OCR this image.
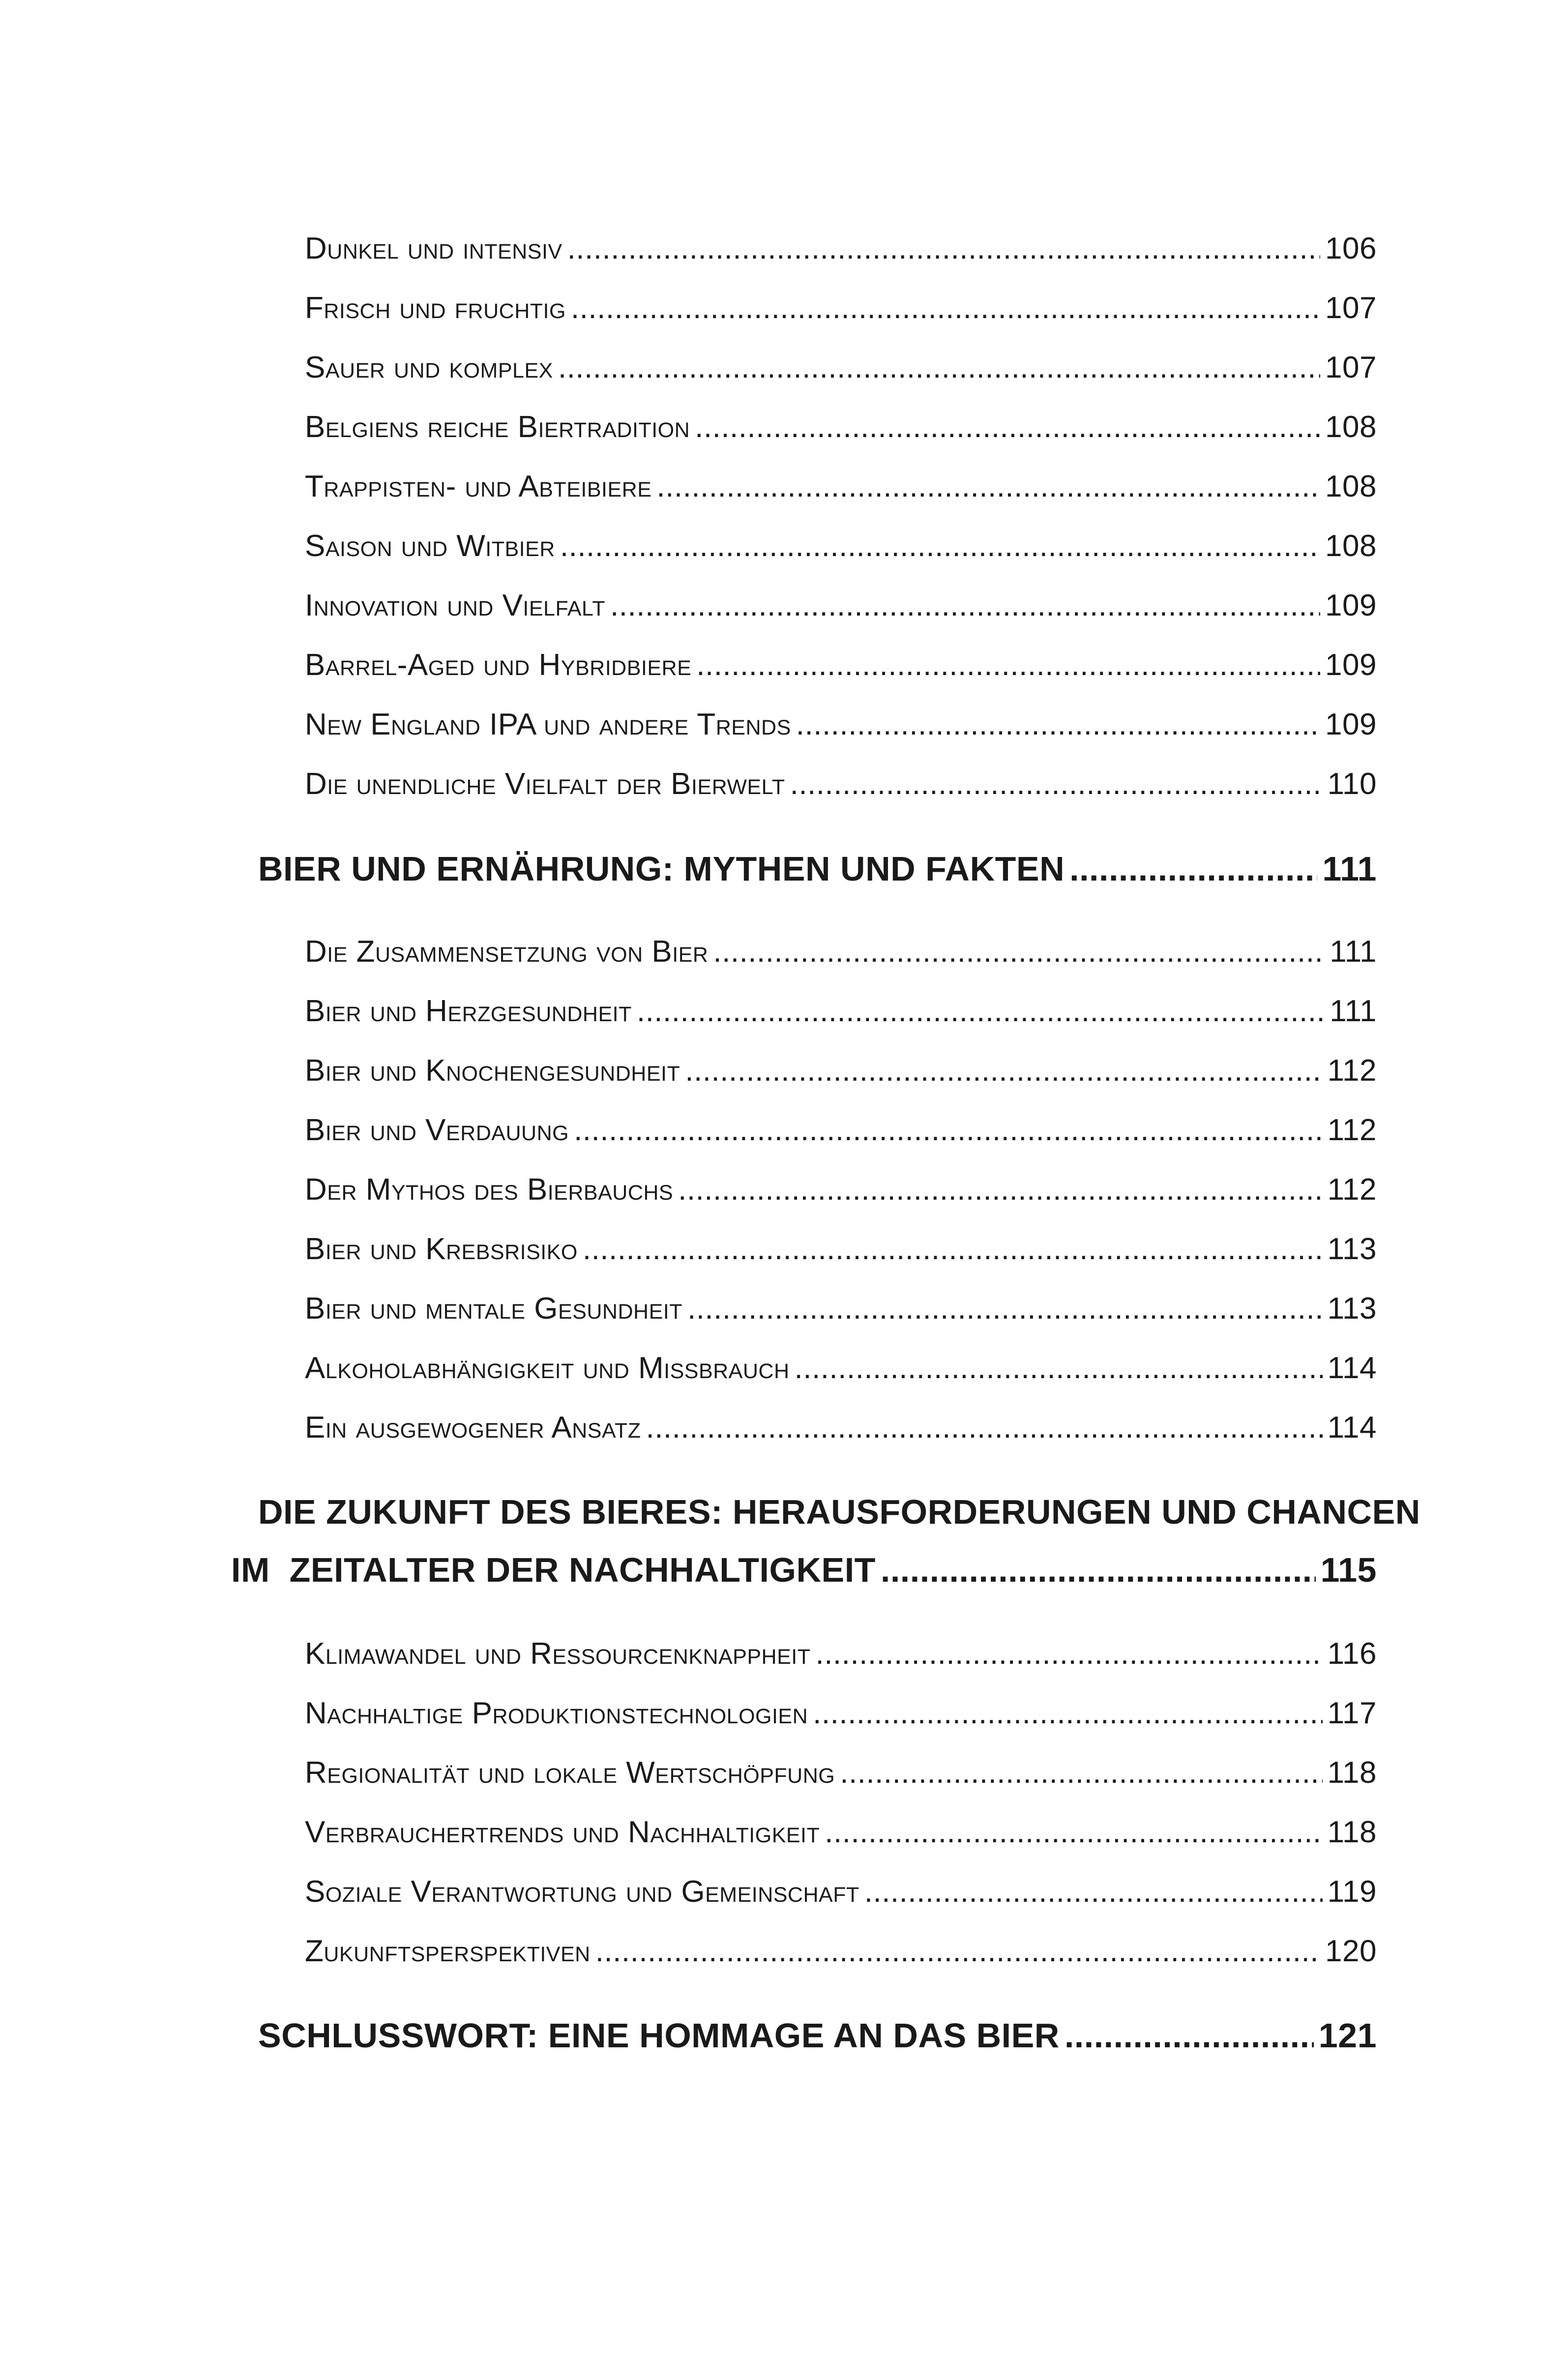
Dunkel und intensiv .....	106
Frisch und fruchtig .....	107
Sauer und komplex .....	107
Belgiens reiche Biertradition .....	108
Trappisten- und Abteibiere .....	108
Saison und Witbier .....	108
Innovation und Vielfalt .....	109
Barrel-Aged und Hybridbiere .....	109
New England IPA und andere Trends .....	109
Die unendliche Vielfalt der Bierwelt .....	110
BIER UND ERNÄHRUNG: MYTHEN UND FAKTEN .....	111
Die Zusammensetzung von Bier .....	111
Bier und Herzgesundheit .....	111
Bier und Knochengesundheit .....	112
Bier und Verdauung .....	112
Der Mythos des Bierbauchs .....	112
Bier und Krebsrisiko .....	113
Bier und mentale Gesundheit .....	113
Alkoholabhängigkeit und Missbrauch .....	114
Ein ausgewogener Ansatz .....	114
DIE ZUKUNFT DES BIERES: HERAUSFORDERUNGEN UND CHANCEN
IM  ZEITALTER DER NACHHALTIGKEIT .....	115
Klimawandel und Ressourcenknappheit .....	116
Nachhaltige Produktionstechnologien .....	117
Regionalität und lokale Wertschöpfung .....	118
Verbrauchertrends und Nachhaltigkeit .....	118
Soziale Verantwortung und Gemeinschaft .....	119
Zukunftsperspektiven .....	120
SCHLUSSWORT: EINE HOMMAGE AN DAS BIER .....	121
